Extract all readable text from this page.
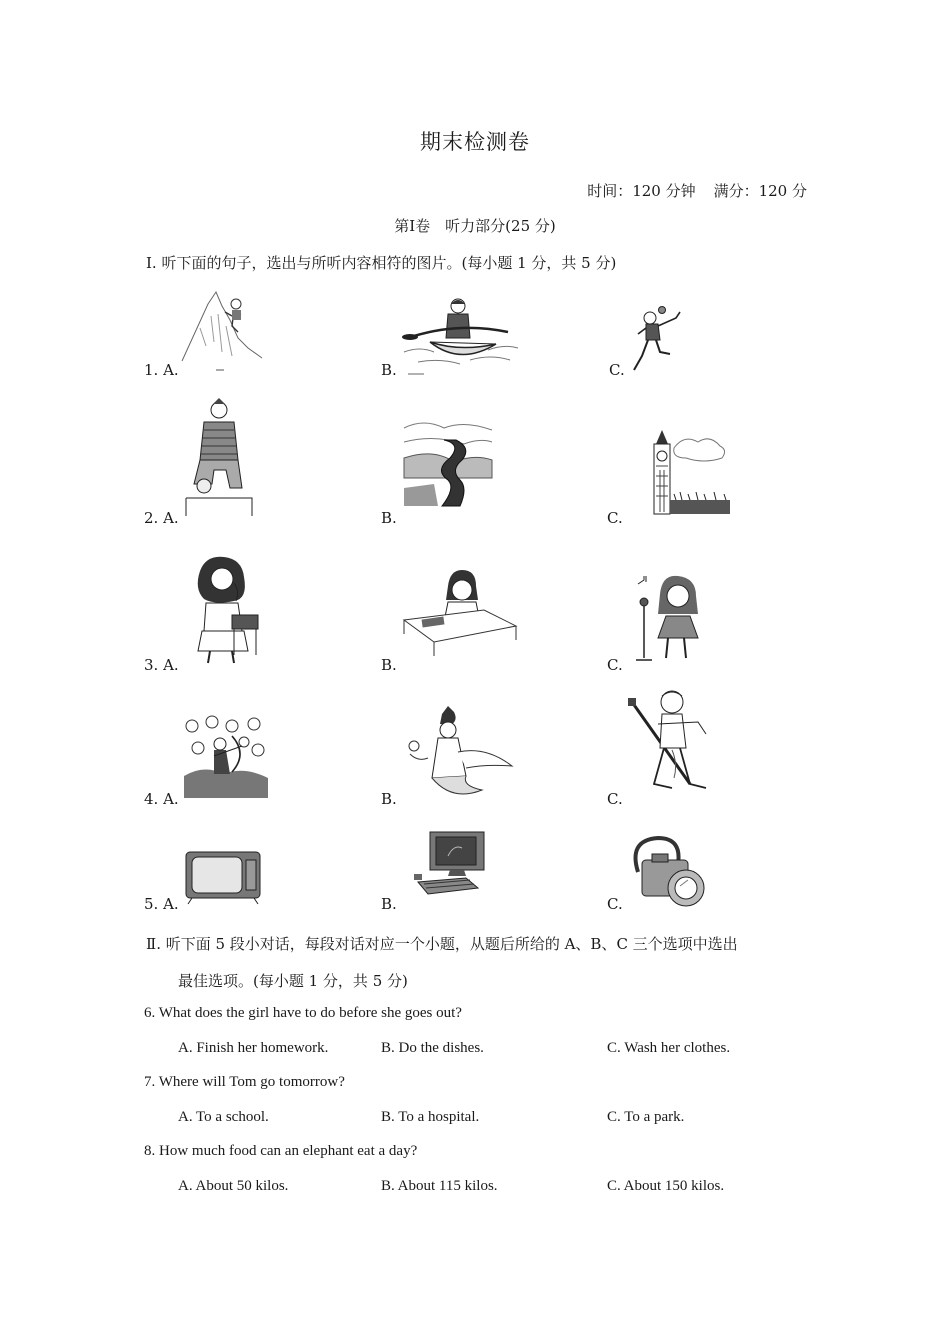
期末检测卷
时间：120 分钟 满分：120 分
第Ⅰ卷　听力部分(25 分)
Ⅰ. 听下面的句子，选出与所听内容相符的图片。(每小题 1 分，共 5 分)
1. A.	B.	C.
2. A.	B.	C.
3. A.	B.	C.
4. A.	B.	C.
5. A.	B.	C.
Ⅱ. 听下面 5 段小对话，每段对话对应一个小题，从题后所给的 A、B、C 三个选项中选出
最佳选项。(每小题 1 分，共 5 分)
6. What does the girl have to do before she goes out?
A. Finish her homework.	B. Do the dishes.	C. Wash her clothes.
7. Where will Tom go tomorrow?
A. To a school.	B. To a hospital.	C. To a park.
8. How much food can an elephant eat a day?
A. About 50 kilos.	B. About 115 kilos.	C. About 150 kilos.
